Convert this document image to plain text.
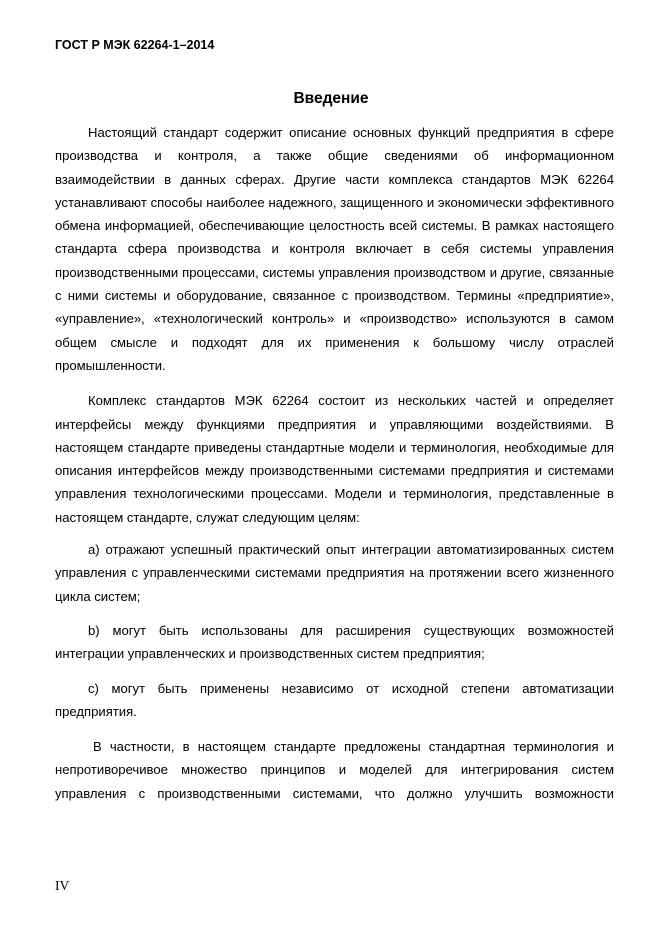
ГОСТ Р МЭК 62264-1–2014
Введение

Настоящий стандарт содержит описание основных функций предприятия в сфере производства и контроля, а также общие сведениями об информационном взаимодействии в данных сферах. Другие части комплекса стандартов МЭК 62264 устанавливают способы наиболее надежного, защищенного и экономически эффективного обмена информацией, обеспечивающие целостность всей системы. В рамках настоящего стандарта сфера производства и контроля включает в себя системы управления производственными процессами, системы управления производством и другие, связанные с ними системы и оборудование, связанное с производством. Термины «предприятие», «управление», «технологический контроль» и «производство» используются в самом общем смысле и подходят для их применения к большому числу отраслей промышленности.

Комплекс стандартов МЭК 62264 состоит из нескольких частей и определяет интерфейсы между функциями предприятия и управляющими воздействиями. В настоящем стандарте приведены стандартные модели и терминология, необходимые для описания интерфейсов между производственными системами предприятия и системами управления технологическими процессами. Модели и терминология, представленные в настоящем стандарте, служат следующим целям:

a) отражают успешный практический опыт интеграции автоматизированных систем управления с управленческими системами предприятия на протяжении всего жизненного цикла систем;

b) могут быть использованы для расширения существующих возможностей интеграции управленческих и производственных систем предприятия;

c) могут быть применены независимо от исходной степени автоматизации предприятия.

В частности, в настоящем стандарте предложены стандартная терминология и непротиворечивое множество принципов и моделей для интегрирования систем управления с производственными системами, что должно улучшить возможности

IV
